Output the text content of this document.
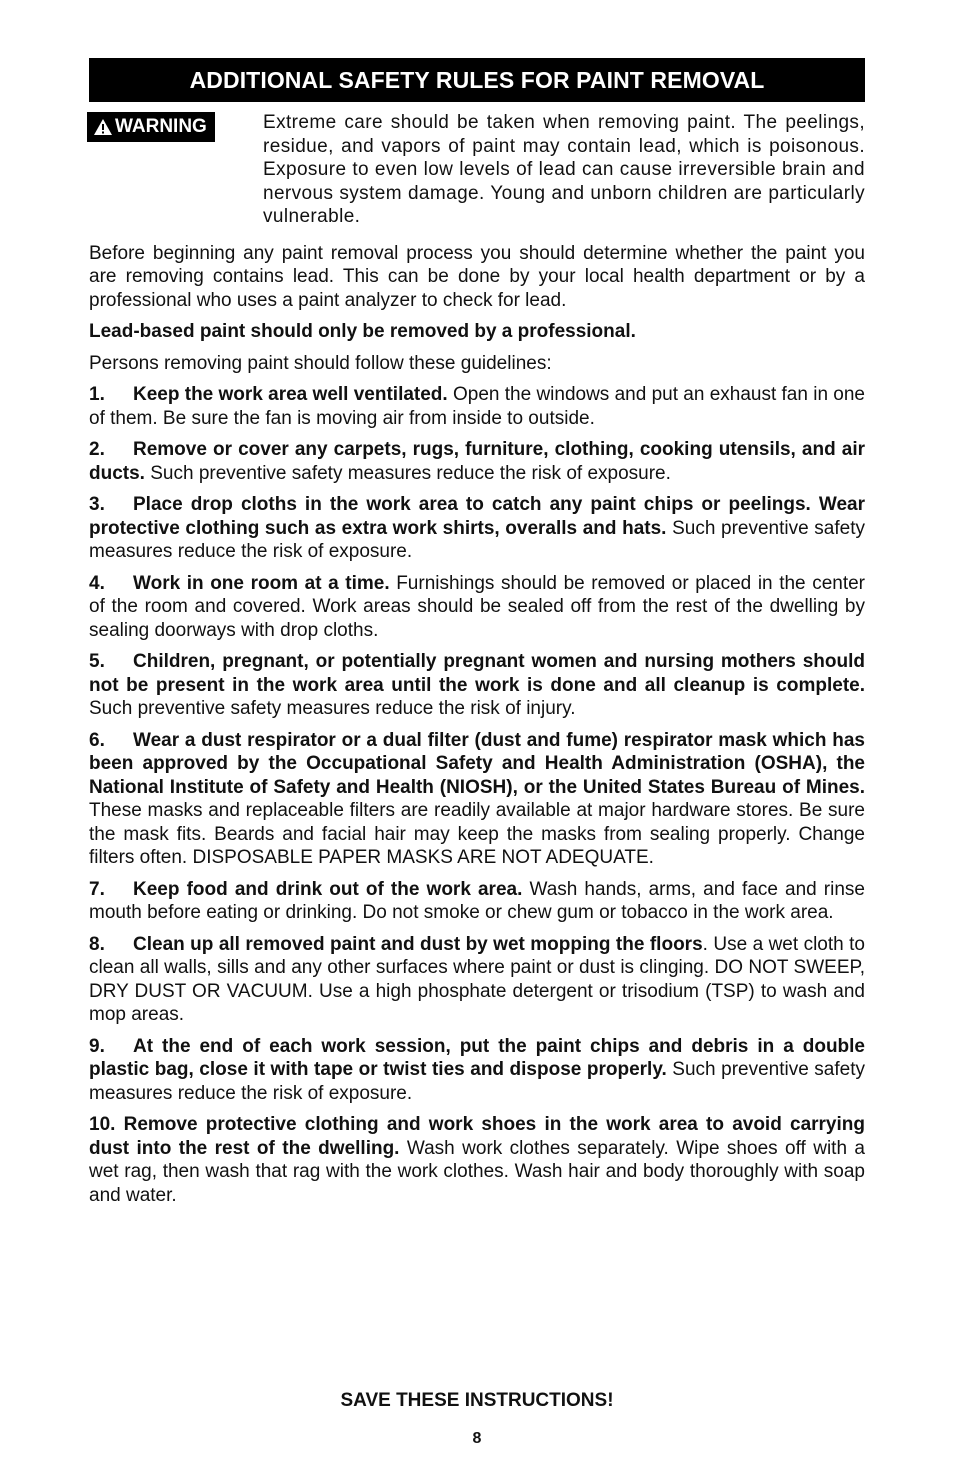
ADDITIONAL SAFETY RULES FOR PAINT REMOVAL
WARNING	Extreme care should be taken when removing paint. The peelings, residue, and vapors of paint may contain lead, which is poisonous. Exposure to even low levels of lead can cause irreversible brain and nervous system damage. Young and unborn children are particularly vulnerable.

Before beginning any paint removal process you should determine whether the paint you are removing contains lead. This can be done by your local health department or by a professional who uses a paint analyzer to check for lead.

Lead-based paint should only be removed by a professional.

Persons removing paint should follow these guidelines:

1. Keep the work area well ventilated. Open the windows and put an exhaust fan in one of them. Be sure the fan is moving air from inside to outside.

2. Remove or cover any carpets, rugs, furniture, clothing, cooking utensils, and air ducts. Such preventive safety measures reduce the risk of exposure.

3. Place drop cloths in the work area to catch any paint chips or peelings. Wear protective clothing such as extra work shirts, overalls and hats. Such preventive safety measures reduce the risk of exposure.

4. Work in one room at a time. Furnishings should be removed or placed in the center of the room and covered. Work areas should be sealed off from the rest of the dwelling by sealing doorways with drop cloths.

5. Children, pregnant, or potentially pregnant women and nursing mothers should not be present in the work area until the work is done and all cleanup is complete. Such preventive safety measures reduce the risk of injury.

6. Wear a dust respirator or a dual filter (dust and fume) respirator mask which has been approved by the Occupational Safety and Health Administration (OSHA), the National Institute of Safety and Health (NIOSH), or the United States Bureau of Mines. These masks and replaceable filters are readily available at major hardware stores. Be sure the mask fits. Beards and facial hair may keep the masks from sealing properly. Change filters often. DISPOSABLE PAPER MASKS ARE NOT ADEQUATE.

7. Keep food and drink out of the work area. Wash hands, arms, and face and rinse mouth before eating or drinking. Do not smoke or chew gum or tobacco in the work area.

8. Clean up all removed paint and dust by wet mopping the floors. Use a wet cloth to clean all walls, sills and any other surfaces where paint or dust is clinging. DO NOT SWEEP, DRY DUST OR VACUUM. Use a high phosphate detergent or trisodium (TSP) to wash and mop areas.

9. At the end of each work session, put the paint chips and debris in a double plastic bag, close it with tape or twist ties and dispose properly. Such preventive safety measures reduce the risk of exposure.

10. Remove protective clothing and work shoes in the work area to avoid carrying dust into the rest of the dwelling. Wash work clothes separately. Wipe shoes off with a wet rag, then wash that rag with the work clothes. Wash hair and body thoroughly with soap and water.

SAVE THESE INSTRUCTIONS!
8
